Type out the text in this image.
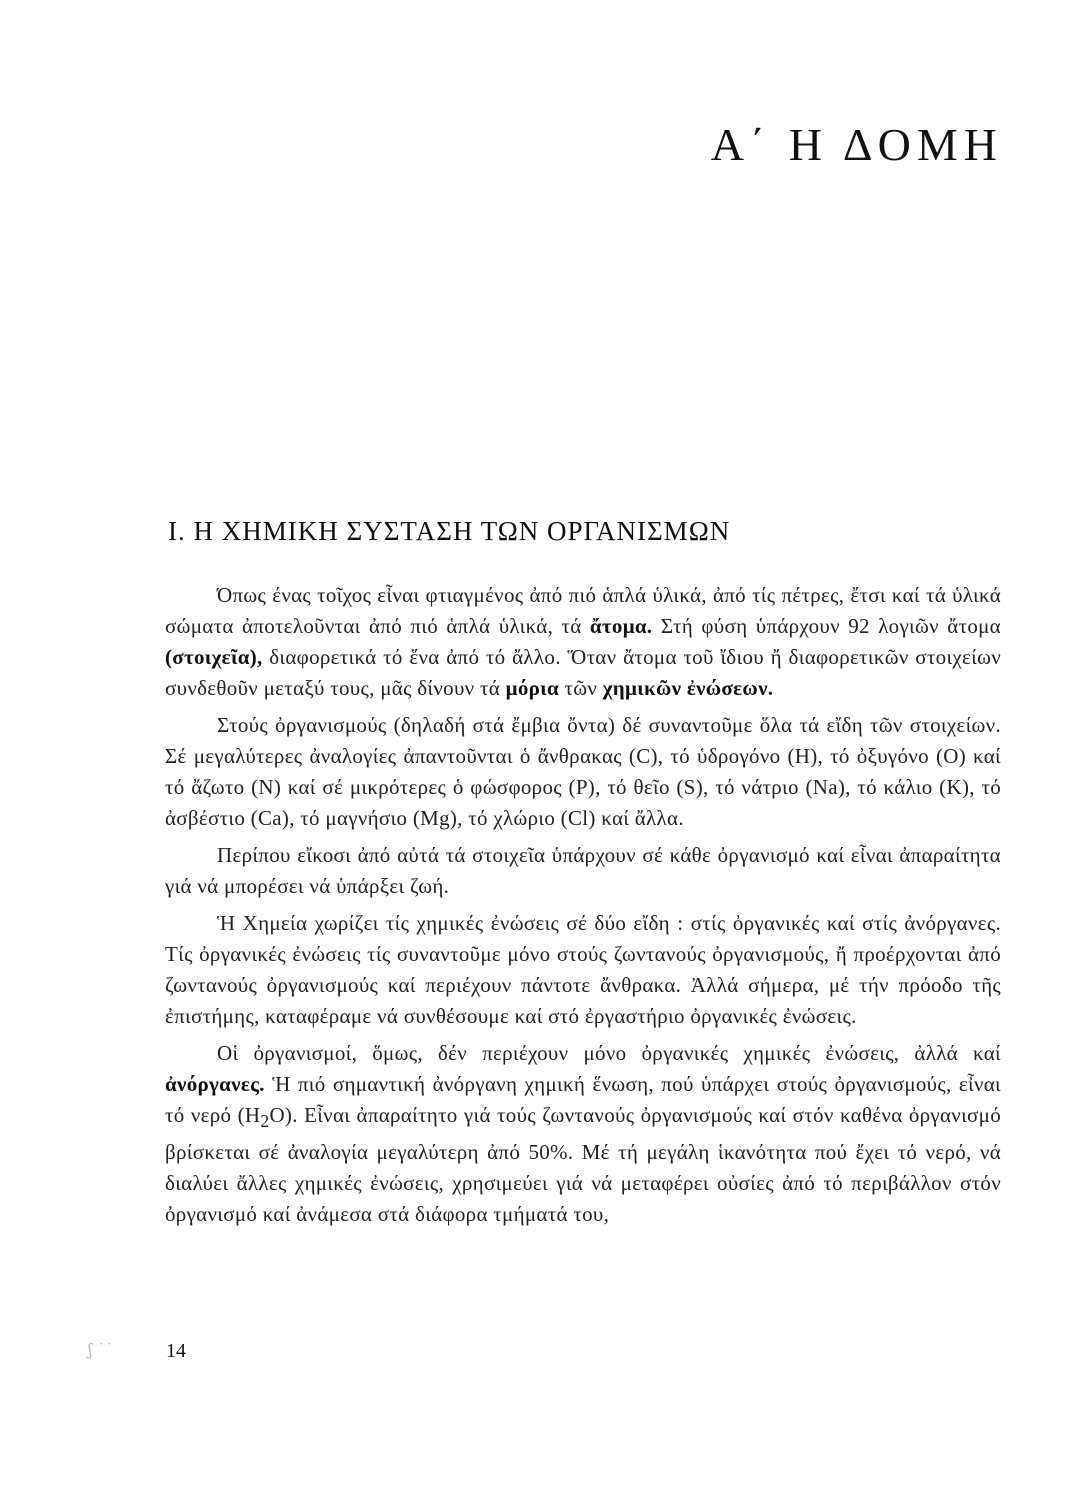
Α΄ Η ΔΟΜΗ
Ι. Η ΧΗΜΙΚΗ ΣΥΣΤΑΣΗ ΤΩΝ ΟΡΓΑΝΙΣΜΩΝ

Όπως ένας τοῖχος εἶναι φτιαγμένος ἀπό πιό ἁπλά ὑλικά, ἀπό τίς πέτρες, ἔτσι καί τά ὑλικά σώματα ἀποτελοῦνται ἀπό πιό ἁπλά ὑλικά, τά ἄτομα. Στή φύση ὑπάρχουν 92 λογιῶν ἄτομα (στοιχεῖα), διαφορετικά τό ἕνα ἀπό τό ἄλλο. Ὅταν ἄτομα τοῦ ἴδιου ἤ διαφορετικῶν στοιχείων συνδεθοῦν μεταξύ τους, μᾶς δίνουν τά μόρια τῶν χημικῶν ἐνώσεων.

Στούς ὀργανισμούς (δηλαδή στά ἔμβια ὄντα) δέ συναντοῦμε ὅλα τά εἴδη τῶν στοιχείων. Σέ μεγαλύτερες ἀναλογίες ἀπαντοῦνται ὁ ἄνθρακας (C), τό ὑδρογόνο (H), τό ὀξυγόνο (O) καί τό ἄζωτο (N) καί σέ μικρότερες ὁ φώσφορος (P), τό θεῖο (S), τό νάτριο (Na), τό κάλιο (K), τό ἀσβέστιο (Ca), τό μαγνήσιο (Mg), τό χλώριο (Cl) καί ἄλλα.

Περίπου εἴκοσι ἀπό αὐτά τά στοιχεῖα ὑπάρχουν σέ κάθε ὀργανισμό καί εἶναι ἀπαραίτητα γιά νά μπορέσει νά ὑπάρξει ζωή.

Ἡ Χημεία χωρίζει τίς χημικές ἐνώσεις σέ δύο εἴδη : στίς ὀργανικές καί στίς ἀνόργανες. Τίς ὀργανικές ἐνώσεις τίς συναντοῦμε μόνο στούς ζωντανούς ὀργανισμούς, ἤ προέρχονται ἀπό ζωντανούς ὀργανισμούς καί περιέχουν πάντοτε ἄνθρακα. Ἀλλά σήμερα, μέ τήν πρόοδο τῆς ἐπιστήμης, καταφέραμε νά συνθέσουμε καί στό ἐργαστήριο ὀργανικές ἐνώσεις.

Οἱ ὀργανισμοί, ὅμως, δέν περιέχουν μόνο ὀργανικές χημικές ἐνώσεις, ἀλλά καί ἀνόργανες. Ἡ πιό σημαντική ἀνόργανη χημική ἕνωση, πού ὑπάρχει στούς ὀργανισμούς, εἶναι τό νερό $(H_2O)$. Εἶναι ἀπαραίτητο γιά τούς ζωντανούς ὀργανισμούς καί στόν καθένα ὀργανισμό βρίσκεται σέ ἀναλογία μεγαλύτερη ἀπό 50%. Μέ τή μεγάλη ἱκανότητα πού ἔχει τό νερό, νά διαλύει ἄλλες χημικές ἐνώσεις, χρησιμεύει γιά νά μεταφέρει οὐσίες ἀπό τό περιβάλλον στόν ὀργανισμό καί ἀνάμεσα στά διάφορα τμήματά του,

ʃ ˙˙	14
